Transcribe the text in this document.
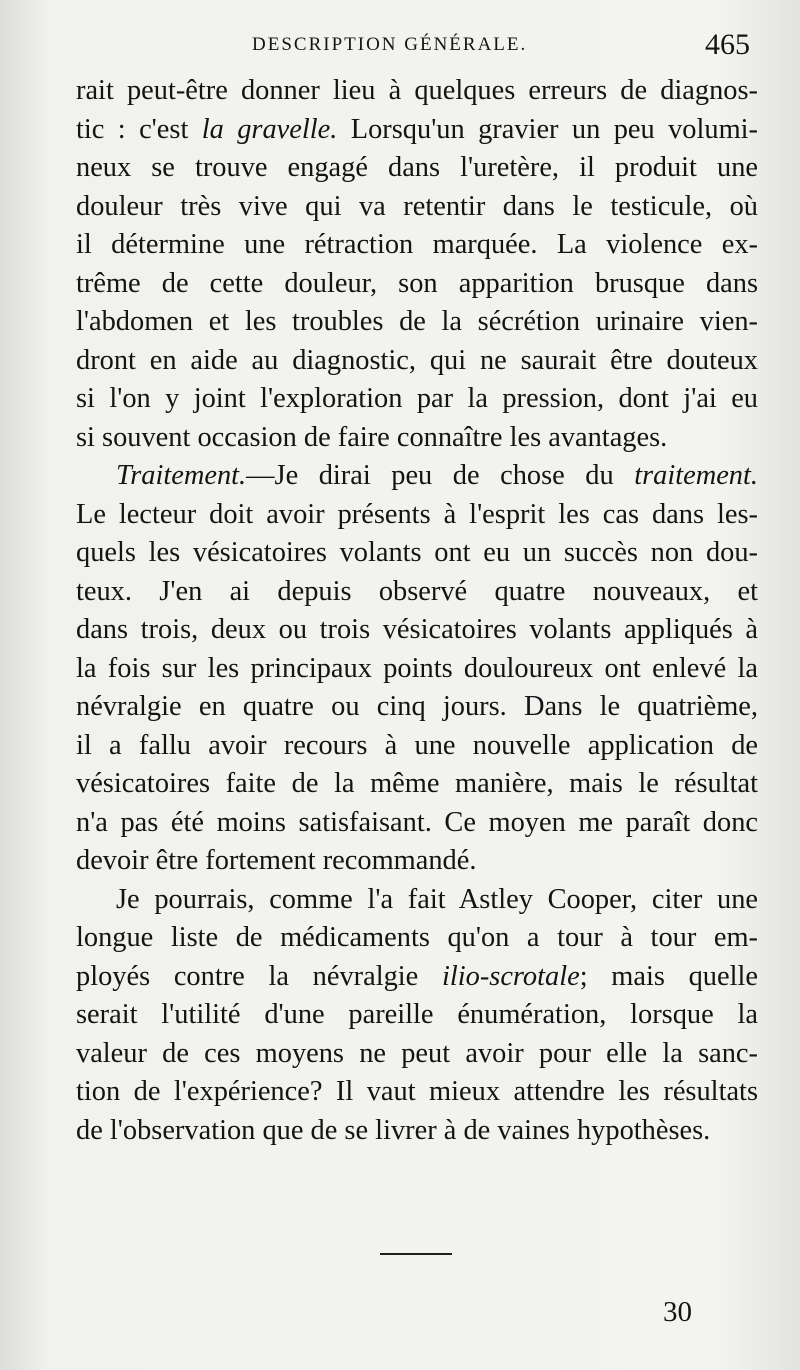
DESCRIPTION GÉNÉRALE.	465
rait peut-être donner lieu à quelques erreurs de diagnos-
tic : c'est la gravelle. Lorsqu'un gravier un peu volumi-
neux se trouve engagé dans l'uretère, il produit une
douleur très vive qui va retentir dans le testicule, où
il détermine une rétraction marquée. La violence ex-
trême de cette douleur, son apparition brusque dans
l'abdomen et les troubles de la sécrétion urinaire vien-
dront en aide au diagnostic, qui ne saurait être douteux
si l'on y joint l'exploration par la pression, dont j'ai eu
si souvent occasion de faire connaître les avantages.
Traitement.—Je dirai peu de chose du traitement.
Le lecteur doit avoir présents à l'esprit les cas dans les-
quels les vésicatoires volants ont eu un succès non dou-
teux. J'en ai depuis observé quatre nouveaux, et
dans trois, deux ou trois vésicatoires volants appliqués à
la fois sur les principaux points douloureux ont enlevé la
névralgie en quatre ou cinq jours. Dans le quatrième,
il a fallu avoir recours à une nouvelle application de
vésicatoires faite de la même manière, mais le résultat
n'a pas été moins satisfaisant. Ce moyen me paraît donc
devoir être fortement recommandé.
Je pourrais, comme l'a fait Astley Cooper, citer une
longue liste de médicaments qu'on a tour à tour em-
ployés contre la névralgie ilio-scrotale; mais quelle
serait l'utilité d'une pareille énumération, lorsque la
valeur de ces moyens ne peut avoir pour elle la sanc-
tion de l'expérience? Il vaut mieux attendre les résultats
de l'observation que de se livrer à de vaines hypothèses.
30
